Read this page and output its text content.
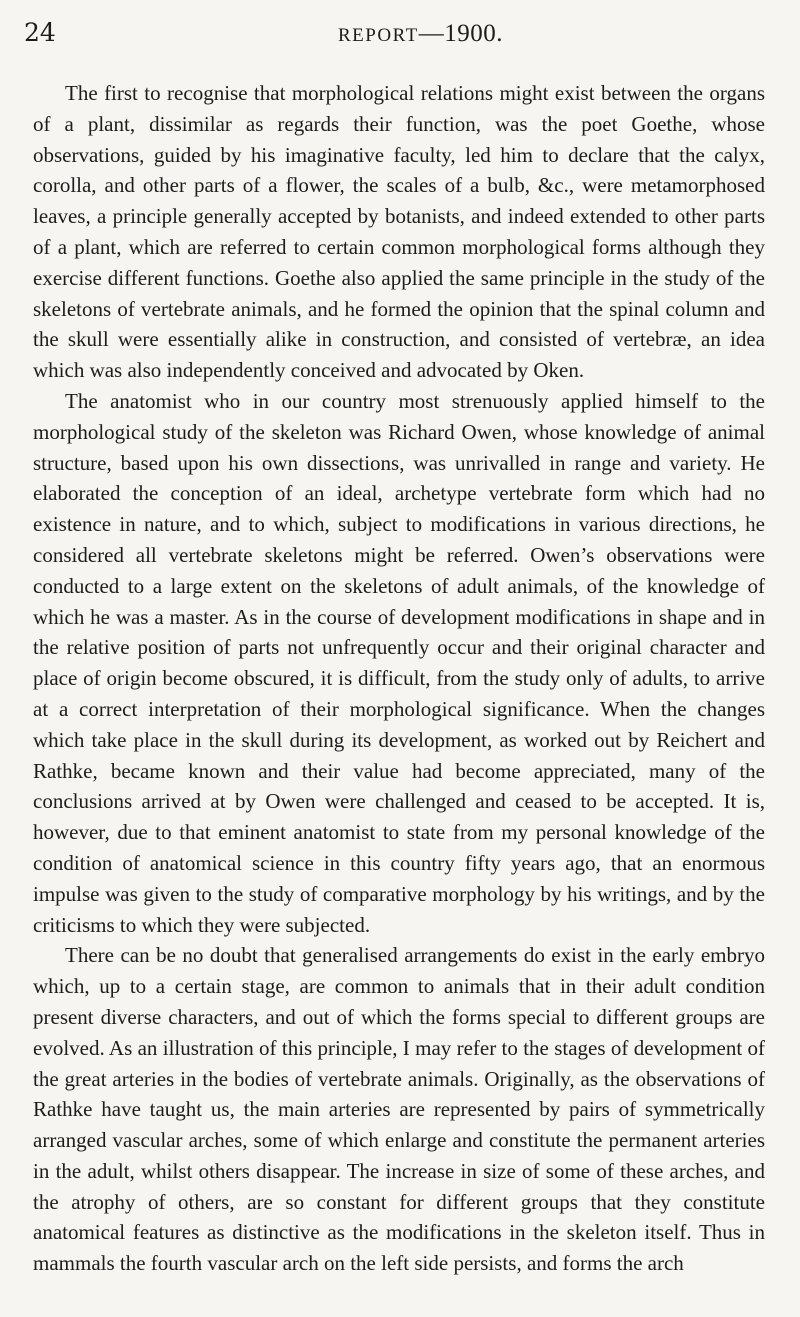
24	REPORT—1900.

The first to recognise that morphological relations might exist between the organs of a plant, dissimilar as regards their function, was the poet Goethe, whose observations, guided by his imaginative faculty, led him to declare that the calyx, corolla, and other parts of a flower, the scales of a bulb, &c., were metamorphosed leaves, a principle generally accepted by botanists, and indeed extended to other parts of a plant, which are referred to certain common morphological forms although they exercise different functions. Goethe also applied the same principle in the study of the skeletons of vertebrate animals, and he formed the opinion that the spinal column and the skull were essentially alike in construction, and consisted of vertebræ, an idea which was also independently conceived and advocated by Oken.

The anatomist who in our country most strenuously applied himself to the morphological study of the skeleton was Richard Owen, whose knowledge of animal structure, based upon his own dissections, was unrivalled in range and variety. He elaborated the conception of an ideal, archetype vertebrate form which had no existence in nature, and to which, subject to modifications in various directions, he considered all vertebrate skeletons might be referred. Owen’s observations were conducted to a large extent on the skeletons of adult animals, of the knowledge of which he was a master. As in the course of development modifications in shape and in the relative position of parts not unfrequently occur and their original character and place of origin become obscured, it is difficult, from the study only of adults, to arrive at a correct interpretation of their morphological significance. When the changes which take place in the skull during its development, as worked out by Reichert and Rathke, became known and their value had become appreciated, many of the conclusions arrived at by Owen were challenged and ceased to be accepted. It is, however, due to that eminent anatomist to state from my personal knowledge of the condition of anatomical science in this country fifty years ago, that an enormous impulse was given to the study of comparative morphology by his writings, and by the criticisms to which they were subjected.

There can be no doubt that generalised arrangements do exist in the early embryo which, up to a certain stage, are common to animals that in their adult condition present diverse characters, and out of which the forms special to different groups are evolved. As an illustration of this principle, I may refer to the stages of development of the great arteries in the bodies of vertebrate animals. Originally, as the observations of Rathke have taught us, the main arteries are represented by pairs of symmetrically arranged vascular arches, some of which enlarge and constitute the permanent arteries in the adult, whilst others disappear. The increase in size of some of these arches, and the atrophy of others, are so constant for different groups that they constitute anatomical features as distinctive as the modifications in the skeleton itself. Thus in mammals the fourth vascular arch on the left side persists, and forms the arch
